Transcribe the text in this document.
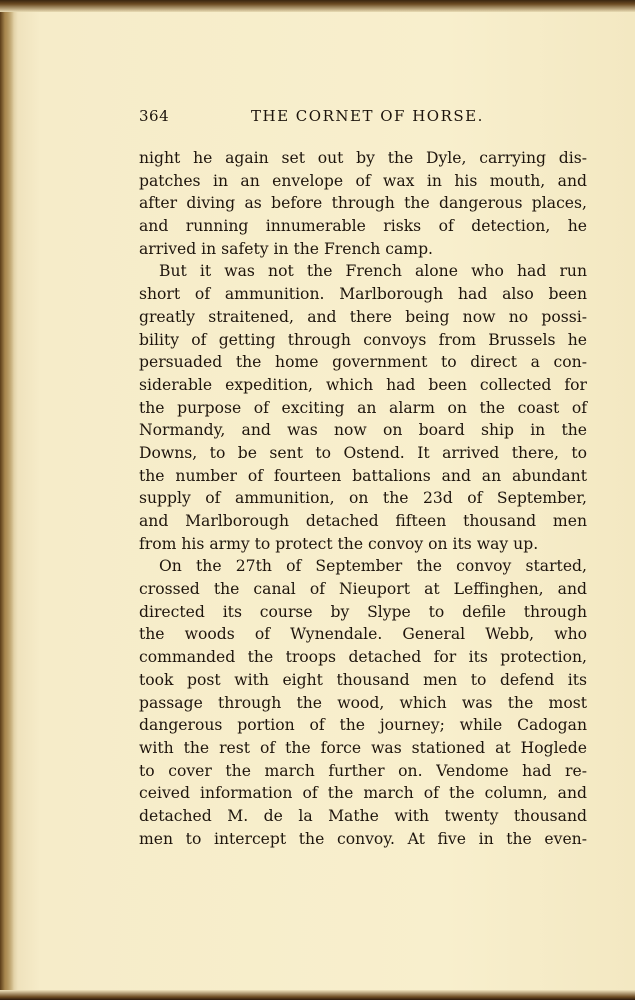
364	THE CORNET OF HORSE.
night he again set out by the Dyle, carrying dis-
patches in an envelope of wax in his mouth, and
after diving as before through the dangerous places,
and running innumerable risks of detection, he
arrived in safety in the French camp.
But it was not the French alone who had run
short of ammunition. Marlborough had also been
greatly straitened, and there being now no possi-
bility of getting through convoys from Brussels he
persuaded the home government to direct a con-
siderable expedition, which had been collected for
the purpose of exciting an alarm on the coast of
Normandy, and was now on board ship in the
Downs, to be sent to Ostend. It arrived there, to
the number of fourteen battalions and an abundant
supply of ammunition, on the 23d of September,
and Marlborough detached fifteen thousand men
from his army to protect the convoy on its way up.
On the 27th of September the convoy started,
crossed the canal of Nieuport at Leffinghen, and
directed its course by Slype to defile through
the woods of Wynendale. General Webb, who
commanded the troops detached for its protection,
took post with eight thousand men to defend its
passage through the wood, which was the most
dangerous portion of the journey; while Cadogan
with the rest of the force was stationed at Hoglede
to cover the march further on. Vendome had re-
ceived information of the march of the column, and
detached M. de la Mathe with twenty thousand
men to intercept the convoy. At five in the even-
